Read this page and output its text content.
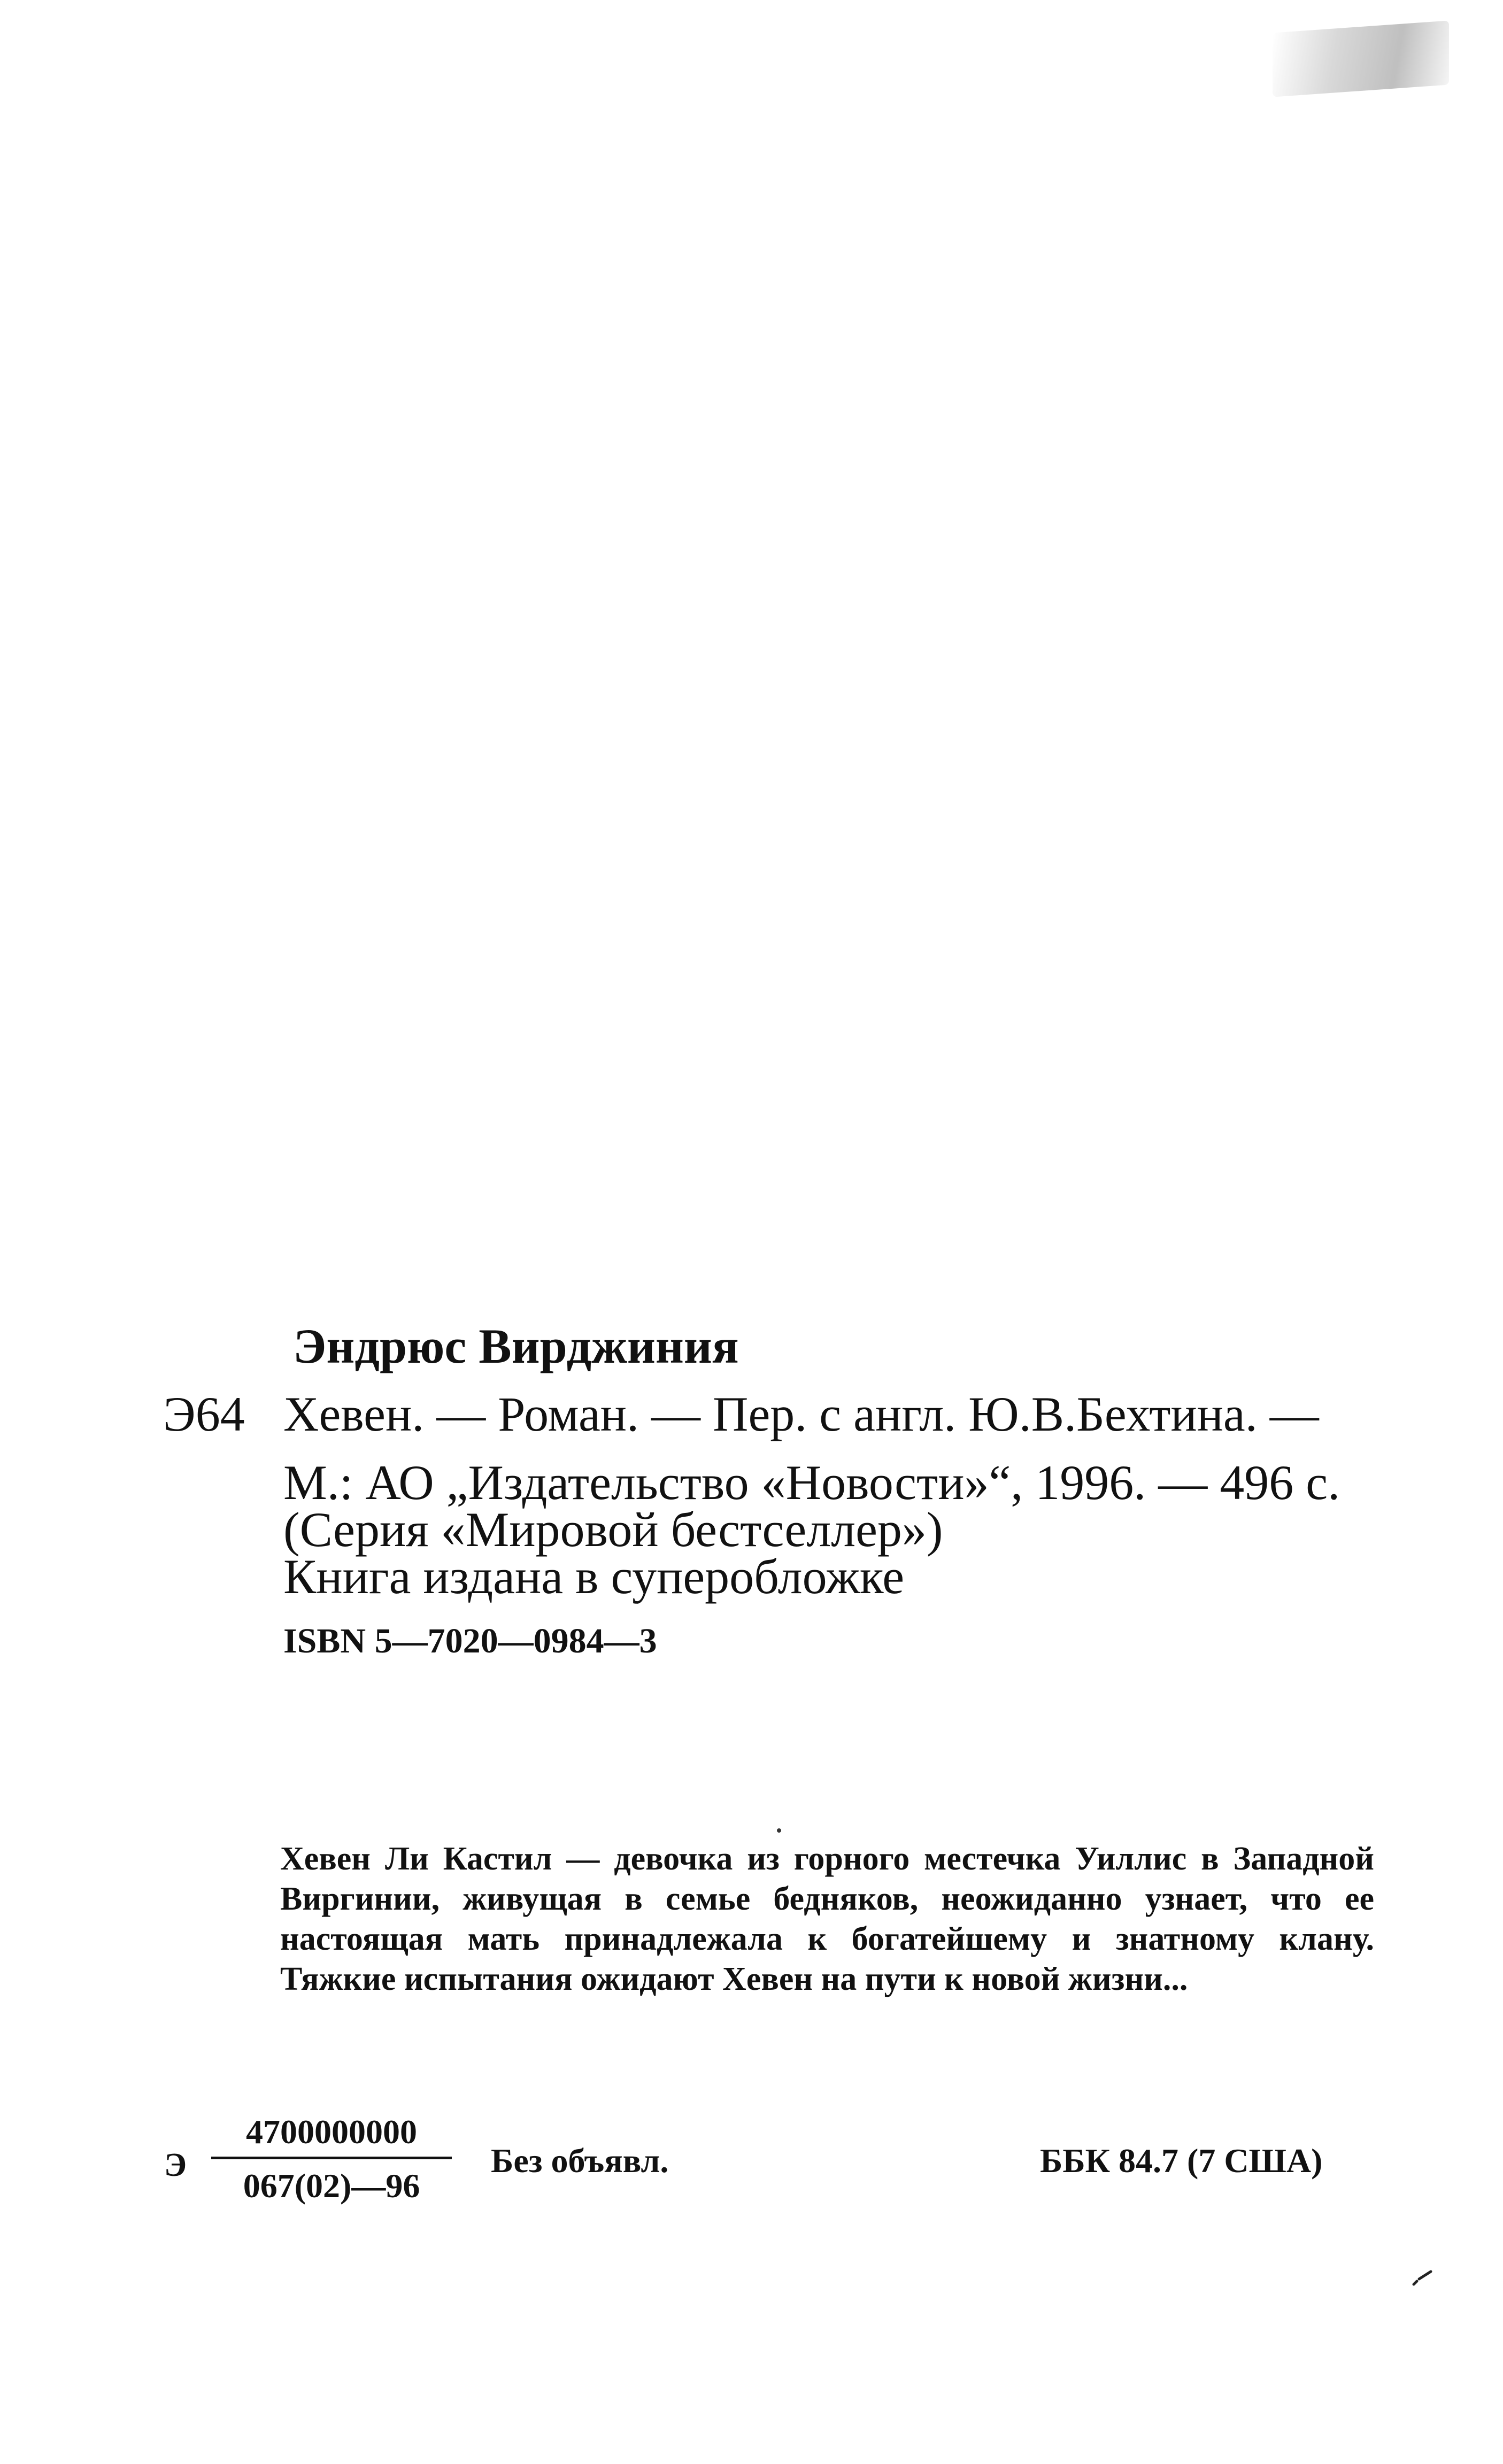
Эндрюс Вирджиния
Э64 Хевен. — Роман. — Пер. с англ. Ю.В.Бехтина. —
М.: АО „Издательство «Новости»“, 1996. — 496 с.
(Серия «Мировой бестселлер»)
Книга издана в суперобложке
ISBN 5—7020—0984—3

Хевен Ли Кастил — девочка из горного местечка Уиллис в Западной Виргинии, живущая в семье бедняков, неожиданно узнает, что ее настоящая мать принадлежала к богатейшему и знатному клану. Тяжкие испытания ожидают Хевен на пути к новой жизни...

Э
4700000000
067(02)—96
Без объявл.	ББК 84.7 (7 США)
